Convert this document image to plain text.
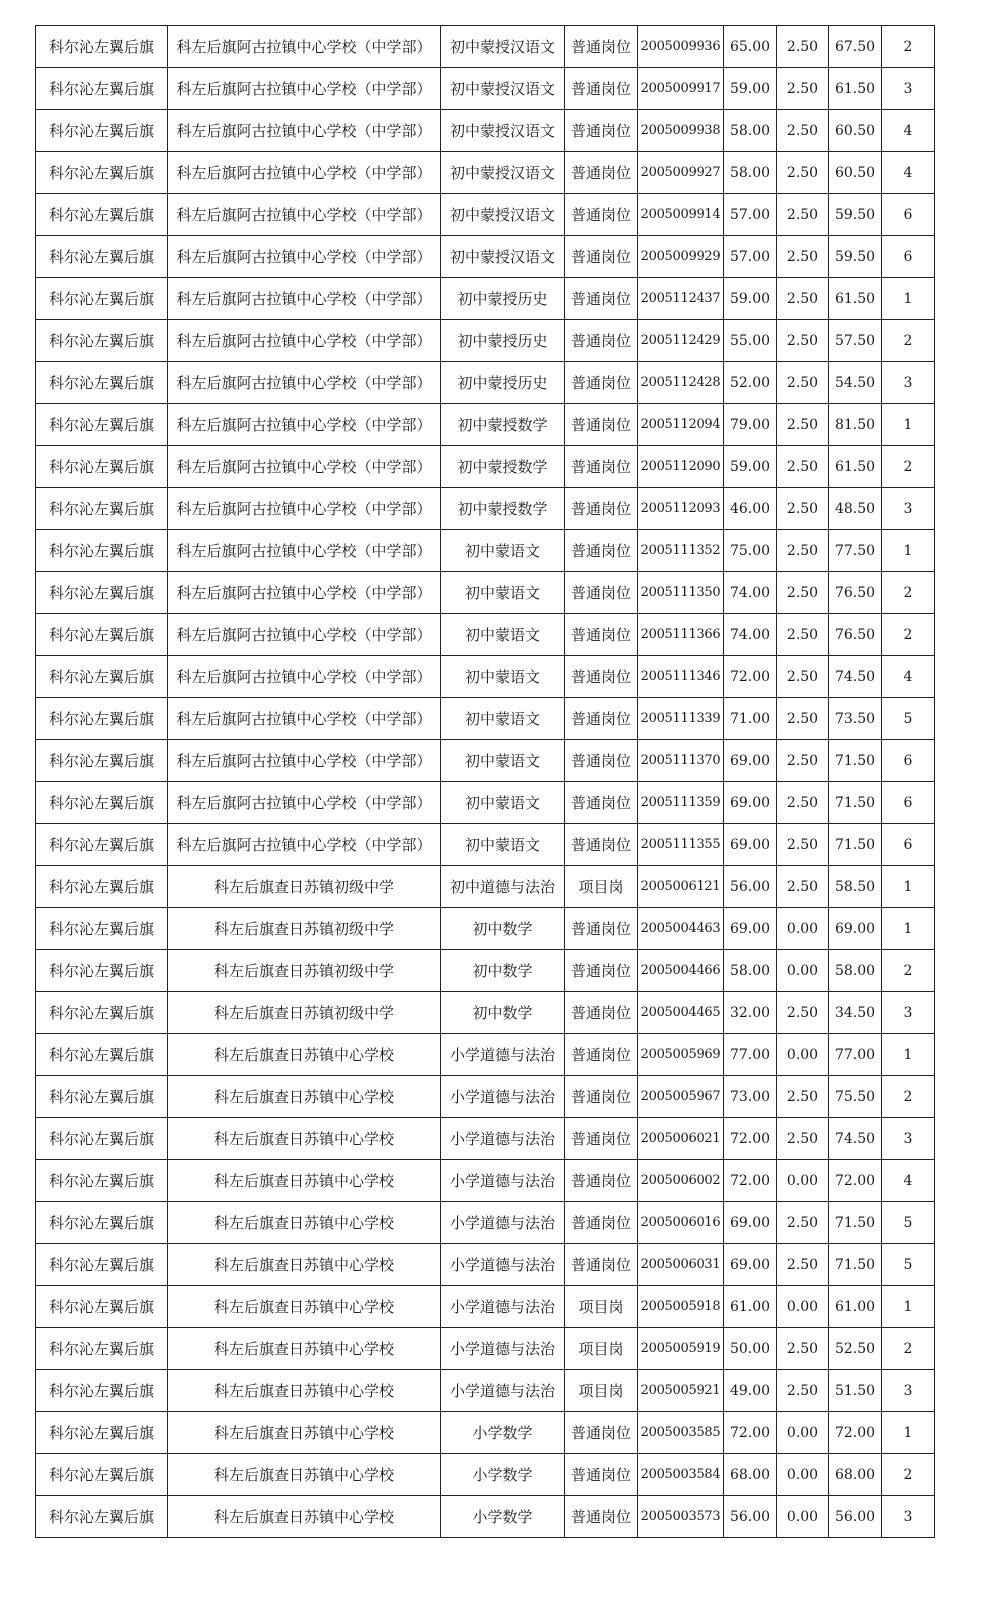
科尔沁左翼后旗	科左后旗阿古拉镇中心学校（中学部）	初中蒙授汉语文	普通岗位	2005009936	65.00	2.50	67.50	2
科尔沁左翼后旗	科左后旗阿古拉镇中心学校（中学部）	初中蒙授汉语文	普通岗位	2005009917	59.00	2.50	61.50	3
科尔沁左翼后旗	科左后旗阿古拉镇中心学校（中学部）	初中蒙授汉语文	普通岗位	2005009938	58.00	2.50	60.50	4
科尔沁左翼后旗	科左后旗阿古拉镇中心学校（中学部）	初中蒙授汉语文	普通岗位	2005009927	58.00	2.50	60.50	4
科尔沁左翼后旗	科左后旗阿古拉镇中心学校（中学部）	初中蒙授汉语文	普通岗位	2005009914	57.00	2.50	59.50	6
科尔沁左翼后旗	科左后旗阿古拉镇中心学校（中学部）	初中蒙授汉语文	普通岗位	2005009929	57.00	2.50	59.50	6
科尔沁左翼后旗	科左后旗阿古拉镇中心学校（中学部）	初中蒙授历史	普通岗位	2005112437	59.00	2.50	61.50	1
科尔沁左翼后旗	科左后旗阿古拉镇中心学校（中学部）	初中蒙授历史	普通岗位	2005112429	55.00	2.50	57.50	2
科尔沁左翼后旗	科左后旗阿古拉镇中心学校（中学部）	初中蒙授历史	普通岗位	2005112428	52.00	2.50	54.50	3
科尔沁左翼后旗	科左后旗阿古拉镇中心学校（中学部）	初中蒙授数学	普通岗位	2005112094	79.00	2.50	81.50	1
科尔沁左翼后旗	科左后旗阿古拉镇中心学校（中学部）	初中蒙授数学	普通岗位	2005112090	59.00	2.50	61.50	2
科尔沁左翼后旗	科左后旗阿古拉镇中心学校（中学部）	初中蒙授数学	普通岗位	2005112093	46.00	2.50	48.50	3
科尔沁左翼后旗	科左后旗阿古拉镇中心学校（中学部）	初中蒙语文	普通岗位	2005111352	75.00	2.50	77.50	1
科尔沁左翼后旗	科左后旗阿古拉镇中心学校（中学部）	初中蒙语文	普通岗位	2005111350	74.00	2.50	76.50	2
科尔沁左翼后旗	科左后旗阿古拉镇中心学校（中学部）	初中蒙语文	普通岗位	2005111366	74.00	2.50	76.50	2
科尔沁左翼后旗	科左后旗阿古拉镇中心学校（中学部）	初中蒙语文	普通岗位	2005111346	72.00	2.50	74.50	4
科尔沁左翼后旗	科左后旗阿古拉镇中心学校（中学部）	初中蒙语文	普通岗位	2005111339	71.00	2.50	73.50	5
科尔沁左翼后旗	科左后旗阿古拉镇中心学校（中学部）	初中蒙语文	普通岗位	2005111370	69.00	2.50	71.50	6
科尔沁左翼后旗	科左后旗阿古拉镇中心学校（中学部）	初中蒙语文	普通岗位	2005111359	69.00	2.50	71.50	6
科尔沁左翼后旗	科左后旗阿古拉镇中心学校（中学部）	初中蒙语文	普通岗位	2005111355	69.00	2.50	71.50	6
科尔沁左翼后旗	科左后旗查日苏镇初级中学	初中道德与法治	项目岗	2005006121	56.00	2.50	58.50	1
科尔沁左翼后旗	科左后旗查日苏镇初级中学	初中数学	普通岗位	2005004463	69.00	0.00	69.00	1
科尔沁左翼后旗	科左后旗查日苏镇初级中学	初中数学	普通岗位	2005004466	58.00	0.00	58.00	2
科尔沁左翼后旗	科左后旗查日苏镇初级中学	初中数学	普通岗位	2005004465	32.00	2.50	34.50	3
科尔沁左翼后旗	科左后旗查日苏镇中心学校	小学道德与法治	普通岗位	2005005969	77.00	0.00	77.00	1
科尔沁左翼后旗	科左后旗查日苏镇中心学校	小学道德与法治	普通岗位	2005005967	73.00	2.50	75.50	2
科尔沁左翼后旗	科左后旗查日苏镇中心学校	小学道德与法治	普通岗位	2005006021	72.00	2.50	74.50	3
科尔沁左翼后旗	科左后旗查日苏镇中心学校	小学道德与法治	普通岗位	2005006002	72.00	0.00	72.00	4
科尔沁左翼后旗	科左后旗查日苏镇中心学校	小学道德与法治	普通岗位	2005006016	69.00	2.50	71.50	5
科尔沁左翼后旗	科左后旗查日苏镇中心学校	小学道德与法治	普通岗位	2005006031	69.00	2.50	71.50	5
科尔沁左翼后旗	科左后旗查日苏镇中心学校	小学道德与法治	项目岗	2005005918	61.00	0.00	61.00	1
科尔沁左翼后旗	科左后旗查日苏镇中心学校	小学道德与法治	项目岗	2005005919	50.00	2.50	52.50	2
科尔沁左翼后旗	科左后旗查日苏镇中心学校	小学道德与法治	项目岗	2005005921	49.00	2.50	51.50	3
科尔沁左翼后旗	科左后旗查日苏镇中心学校	小学数学	普通岗位	2005003585	72.00	0.00	72.00	1
科尔沁左翼后旗	科左后旗查日苏镇中心学校	小学数学	普通岗位	2005003584	68.00	0.00	68.00	2
科尔沁左翼后旗	科左后旗查日苏镇中心学校	小学数学	普通岗位	2005003573	56.00	0.00	56.00	3
